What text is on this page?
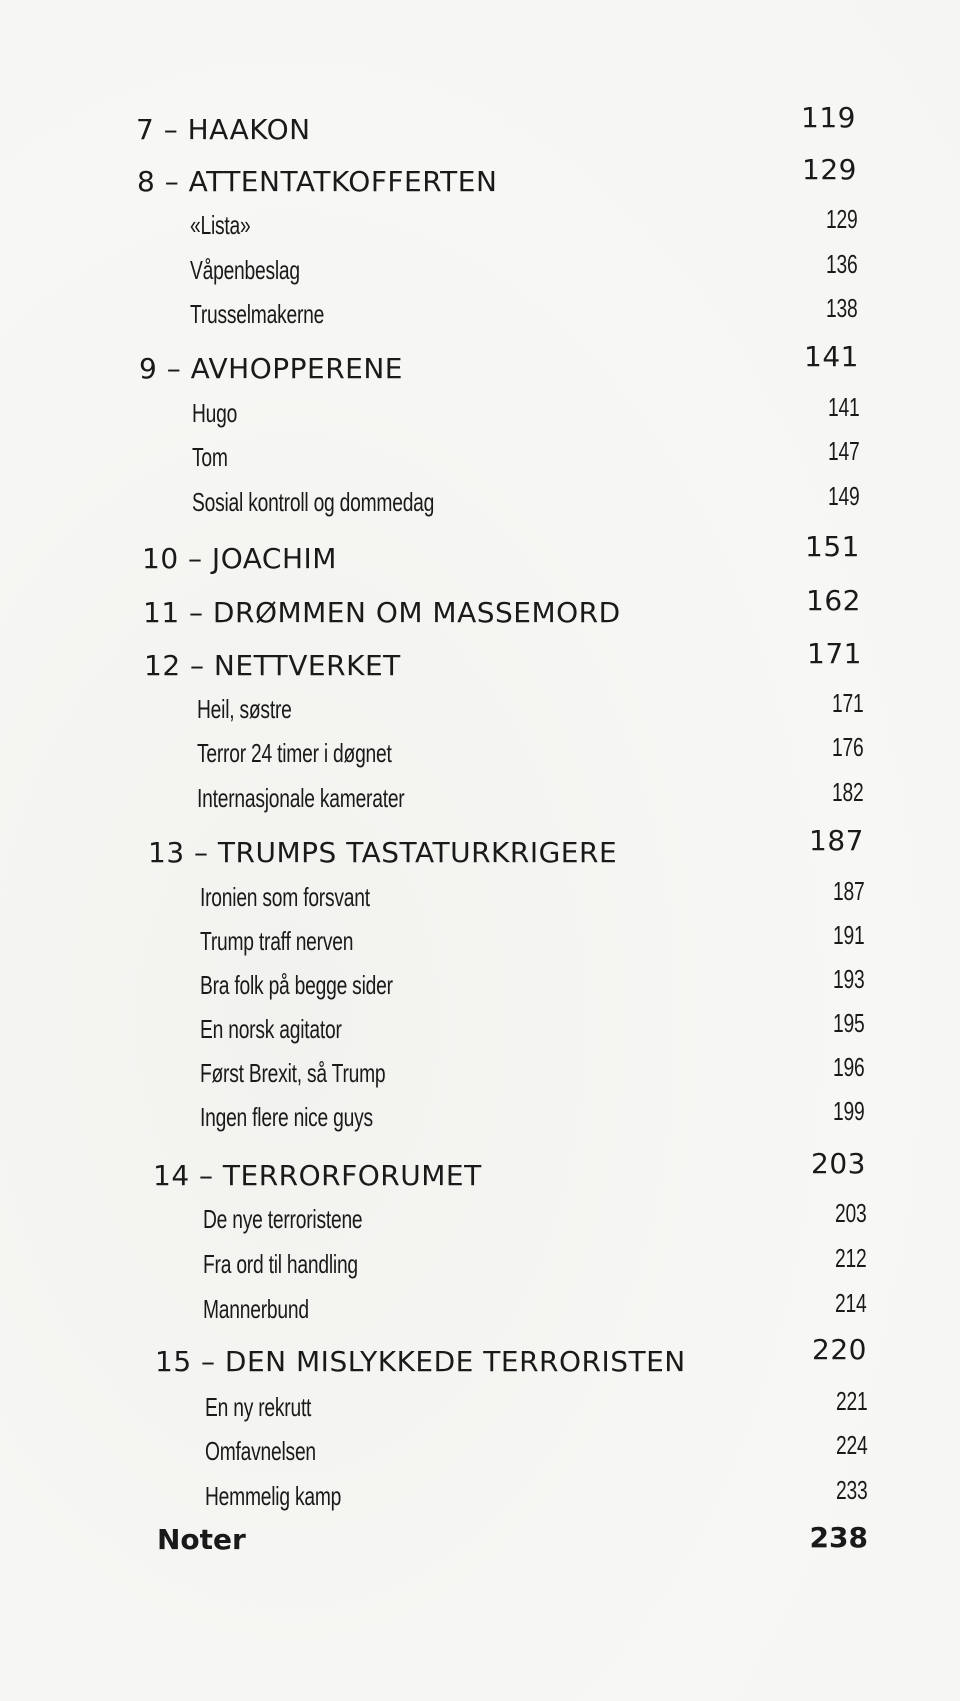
7 – HAAKON	119
8 – ATTENTATKOFFERTEN	129
«Lista»	129
Våpenbeslag	136
Trusselmakerne	138
9 – AVHOPPERENE	141
Hugo	141
Tom	147
Sosial kontroll og dommedag	149
10 – JOACHIM	151
11 – DRØMMEN OM MASSEMORD	162
12 – NETTVERKET	171
Heil, søstre	171
Terror 24 timer i døgnet	176
Internasjonale kamerater	182
13 – TRUMPS TASTATURKRIGERE	187
Ironien som forsvant	187
Trump traff nerven	191
Bra folk på begge sider	193
En norsk agitator	195
Først Brexit, så Trump	196
Ingen flere nice guys	199
14 – TERRORFORUMET	203
De nye terroristene	203
Fra ord til handling	212
Mannerbund	214
15 – DEN MISLYKKEDE TERRORISTEN	220
En ny rekrutt	221
Omfavnelsen	224
Hemmelig kamp	233
Noter	238
